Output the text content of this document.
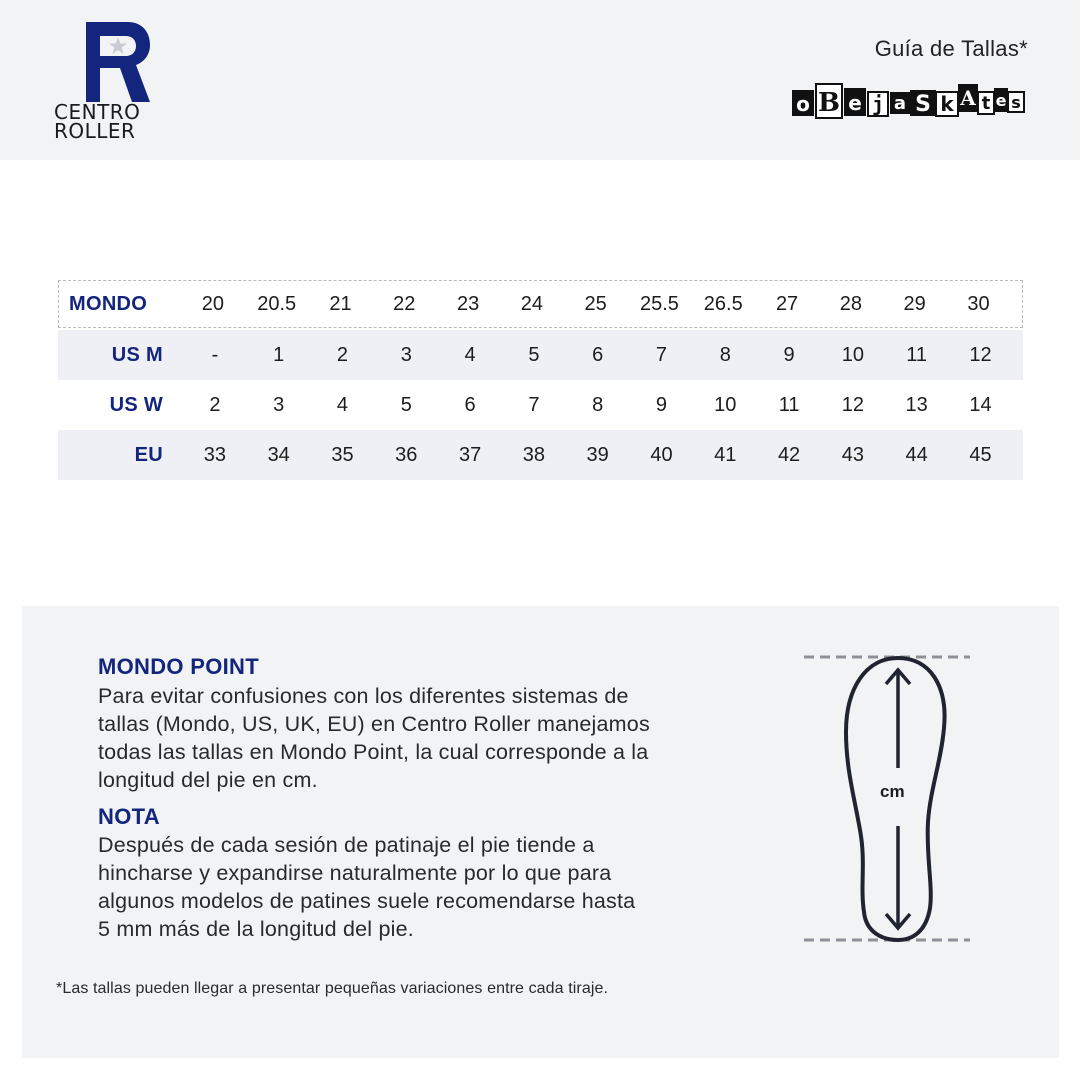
CENTRO
ROLLER
Guía de Tallas*
o B e j a S k A t e s
MONDO	20	20.5	21	22	23	24	25	25.5	26.5	27	28	29	30
US M	-	1	2	3	4	5	6	7	8	9	10	11	12
US W	2	3	4	5	6	7	8	9	10	11	12	13	14
EU	33	34	35	36	37	38	39	40	41	42	43	44	45
MONDO POINT
Para evitar confusiones con los diferentes sistemas de
tallas (Mondo, US, UK, EU) en Centro Roller manejamos
todas las tallas en Mondo Point, la cual corresponde a la
longitud del pie en cm.
NOTA
Después de cada sesión de patinaje el pie tiende a
hincharse y expandirse naturalmente por lo que para
algunos modelos de patines suele recomendarse hasta
5 mm más de la longitud del pie.
cm
*Las tallas pueden llegar a presentar pequeñas variaciones entre cada tiraje.
